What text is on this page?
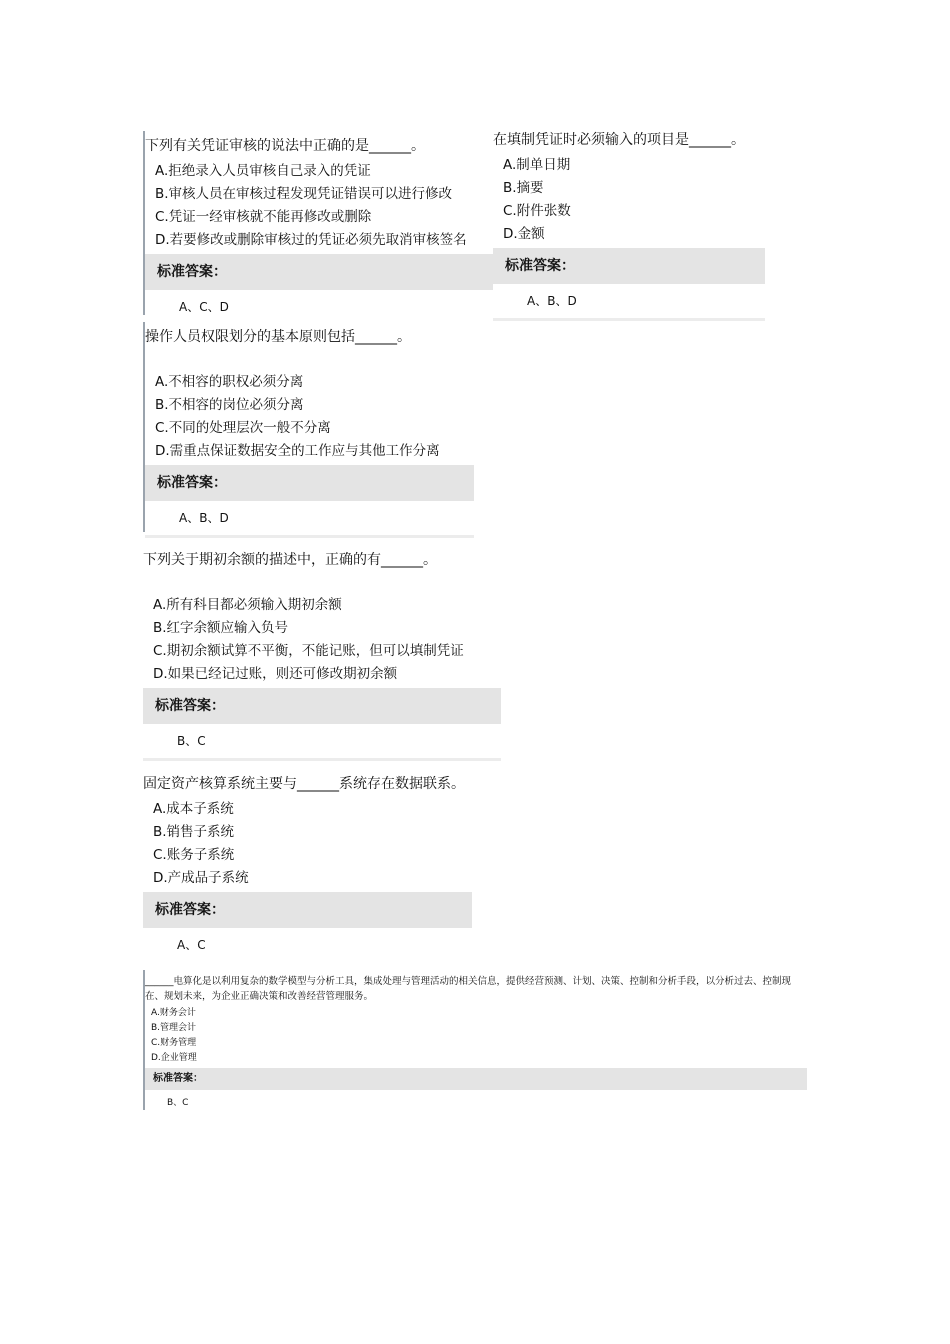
下列有关凭证审核的说法中正确的是______。
A.拒绝录入人员审核自己录入的凭证
B.审核人员在审核过程发现凭证错误可以进行修改
C.凭证一经审核就不能再修改或删除
D.若要修改或删除审核过的凭证必须先取消审核签名
标准答案：
A、C、D
在填制凭证时必须输入的项目是______。
A.制单日期
B.摘要
C.附件张数
D.金额
标准答案：
A、B、D
操作人员权限划分的基本原则包括______。
A.不相容的职权必须分离
B.不相容的岗位必须分离
C.不同的处理层次一般不分离
D.需重点保证数据安全的工作应与其他工作分离
标准答案：
A、B、D
下列关于期初余额的描述中，正确的有______。
A.所有科目都必须输入期初余额
B.红字余额应输入负号
C.期初余额试算不平衡，不能记账，但可以填制凭证
D.如果已经记过账，则还可修改期初余额
标准答案：
B、C
固定资产核算系统主要与______系统存在数据联系。
A.成本子系统
B.销售子系统
C.账务子系统
D.产成品子系统
标准答案：
A、C
______电算化是以利用复杂的数学模型与分析工具，集成处理与管理活动的相关信息，提供经营预测、计划、决策、控制和分析手段，以分析过去、控制现在、规划未来，为企业正确决策和改善经营管理服务。
A.财务会计
B.管理会计
C.财务管理
D.企业管理
标准答案：
B、C
